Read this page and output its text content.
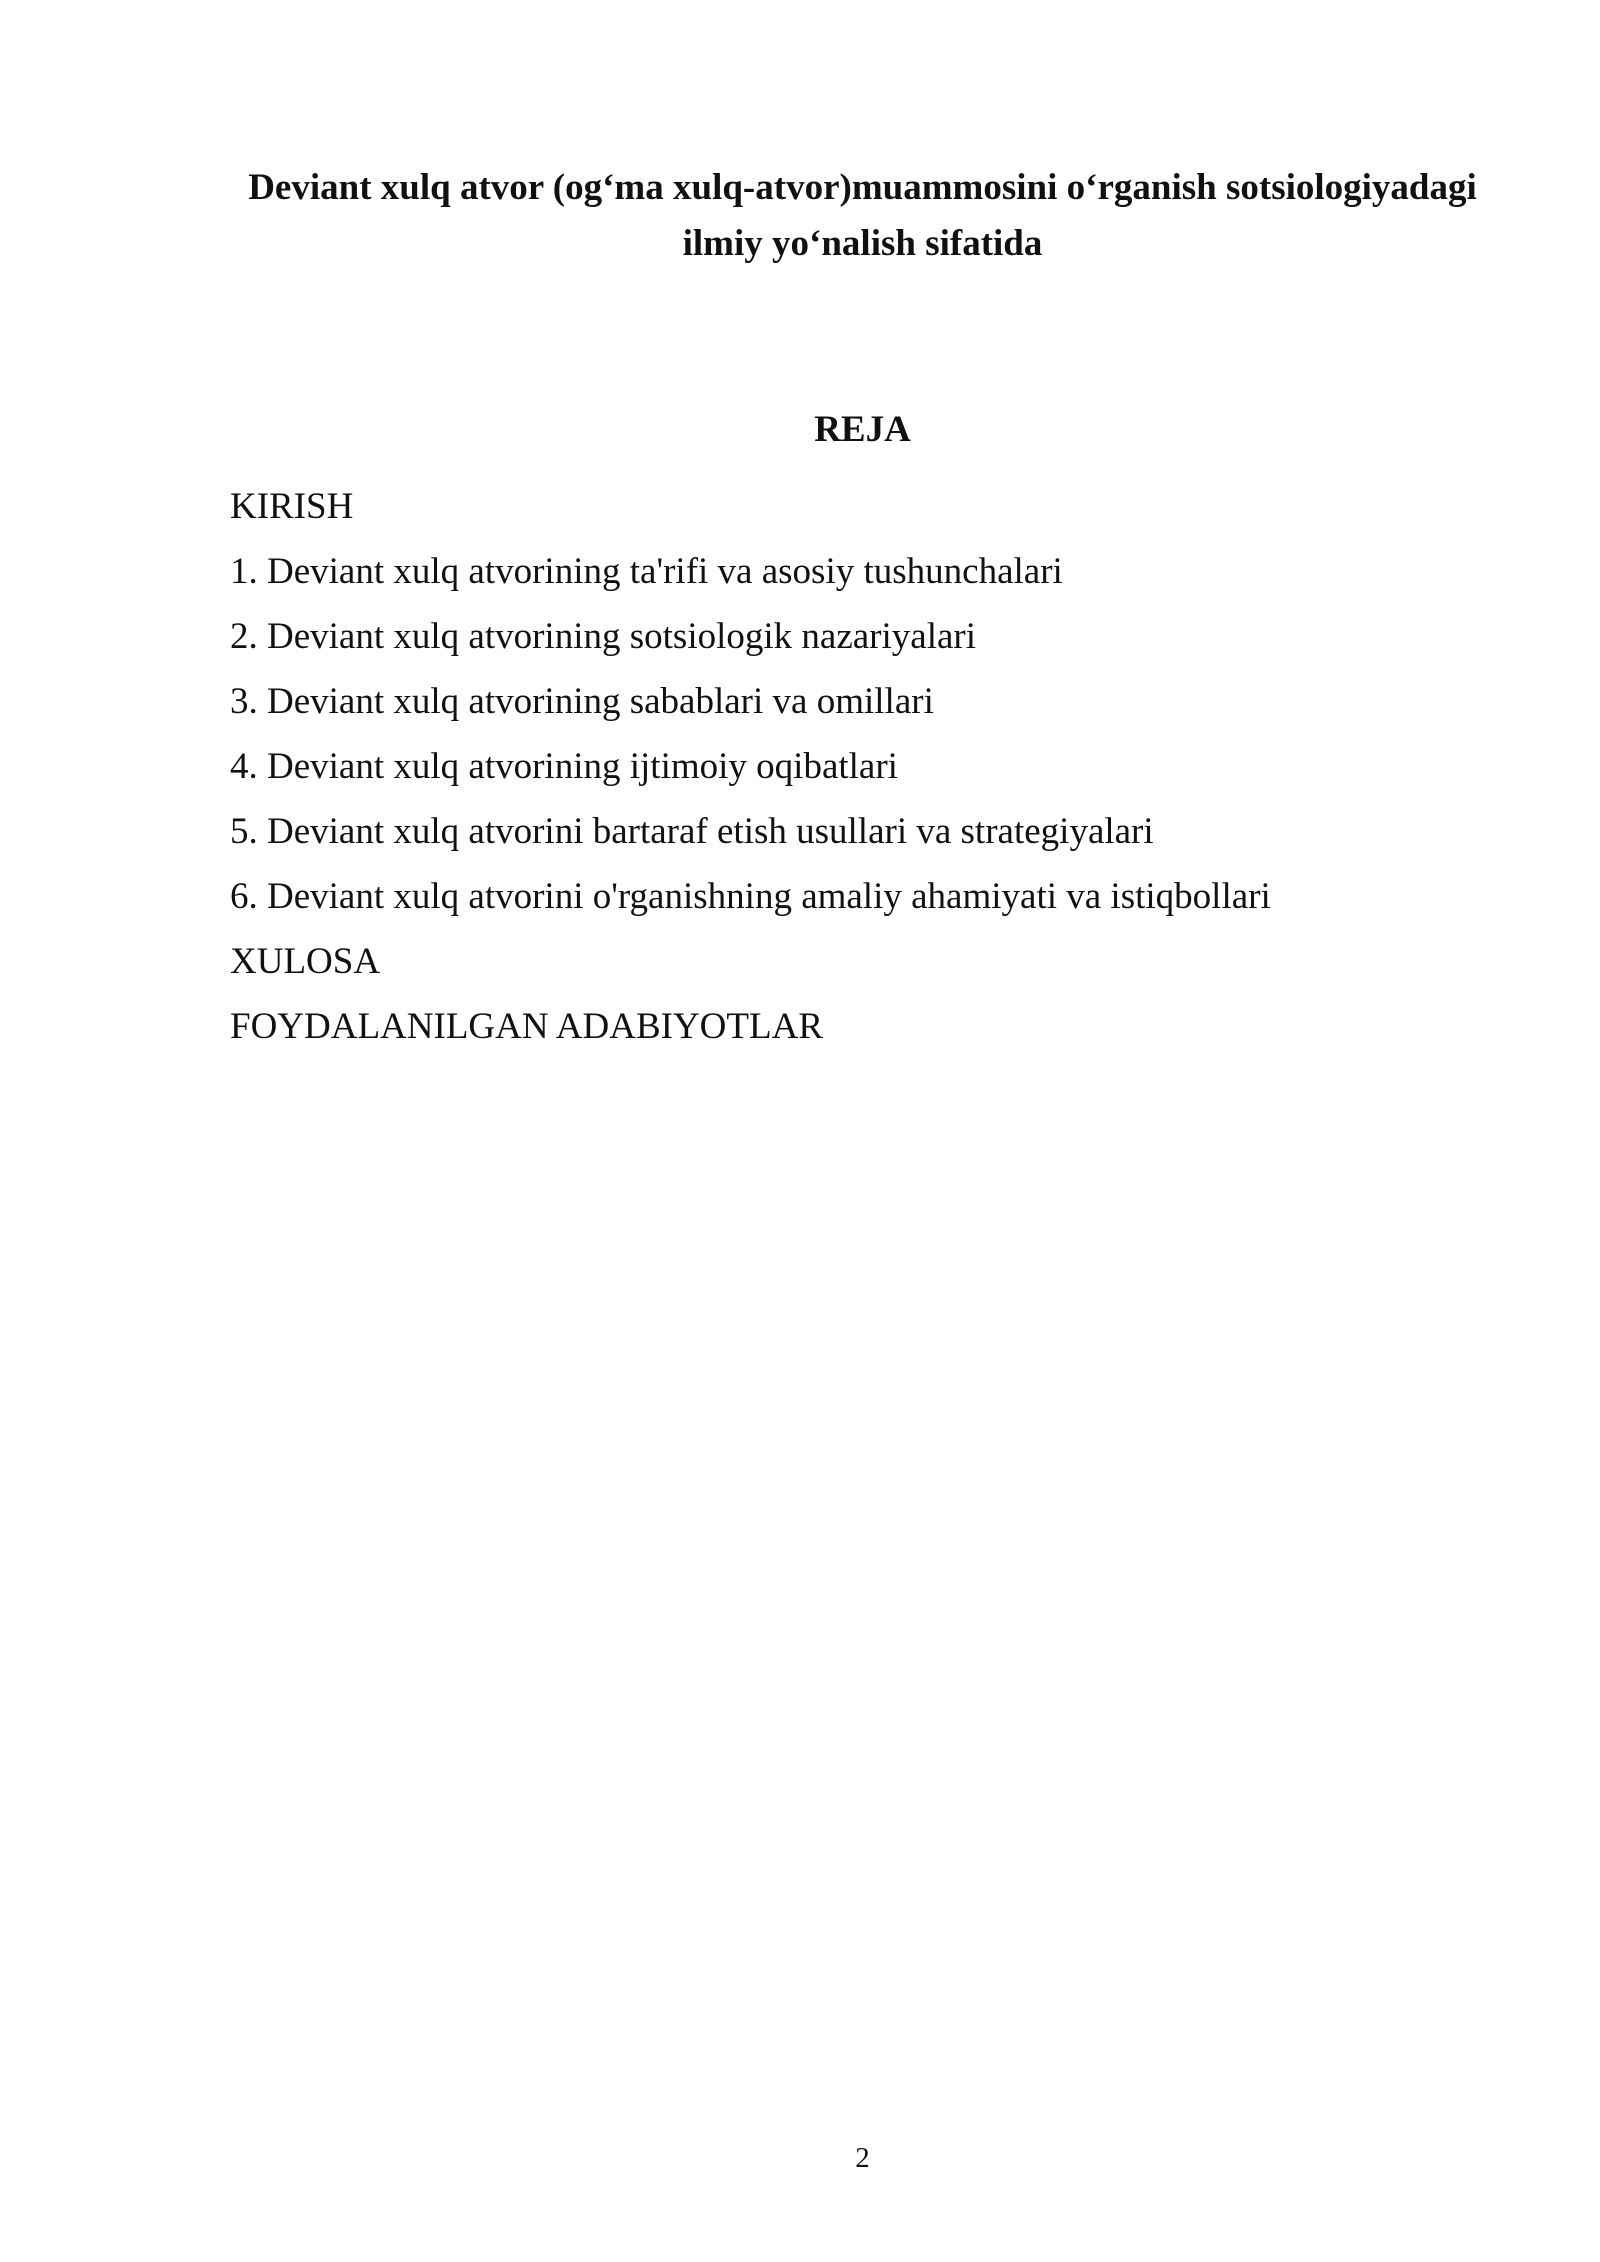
Deviant xulq atvor (og‘ma xulq-atvor)muammosini o‘rganish sotsiologiyadagi
ilmiy yo‘nalish sifatida
REJA
KIRISH
1. Deviant xulq atvorining ta'rifi va asosiy tushunchalari
2. Deviant xulq atvorining sotsiologik nazariyalari
3. Deviant xulq atvorining sabablari va omillari
4. Deviant xulq atvorining ijtimoiy oqibatlari
5. Deviant xulq atvorini bartaraf etish usullari va strategiyalari
6. Deviant xulq atvorini o'rganishning amaliy ahamiyati va istiqbollari
XULOSA
FOYDALANILGAN ADABIYOTLAR
2
